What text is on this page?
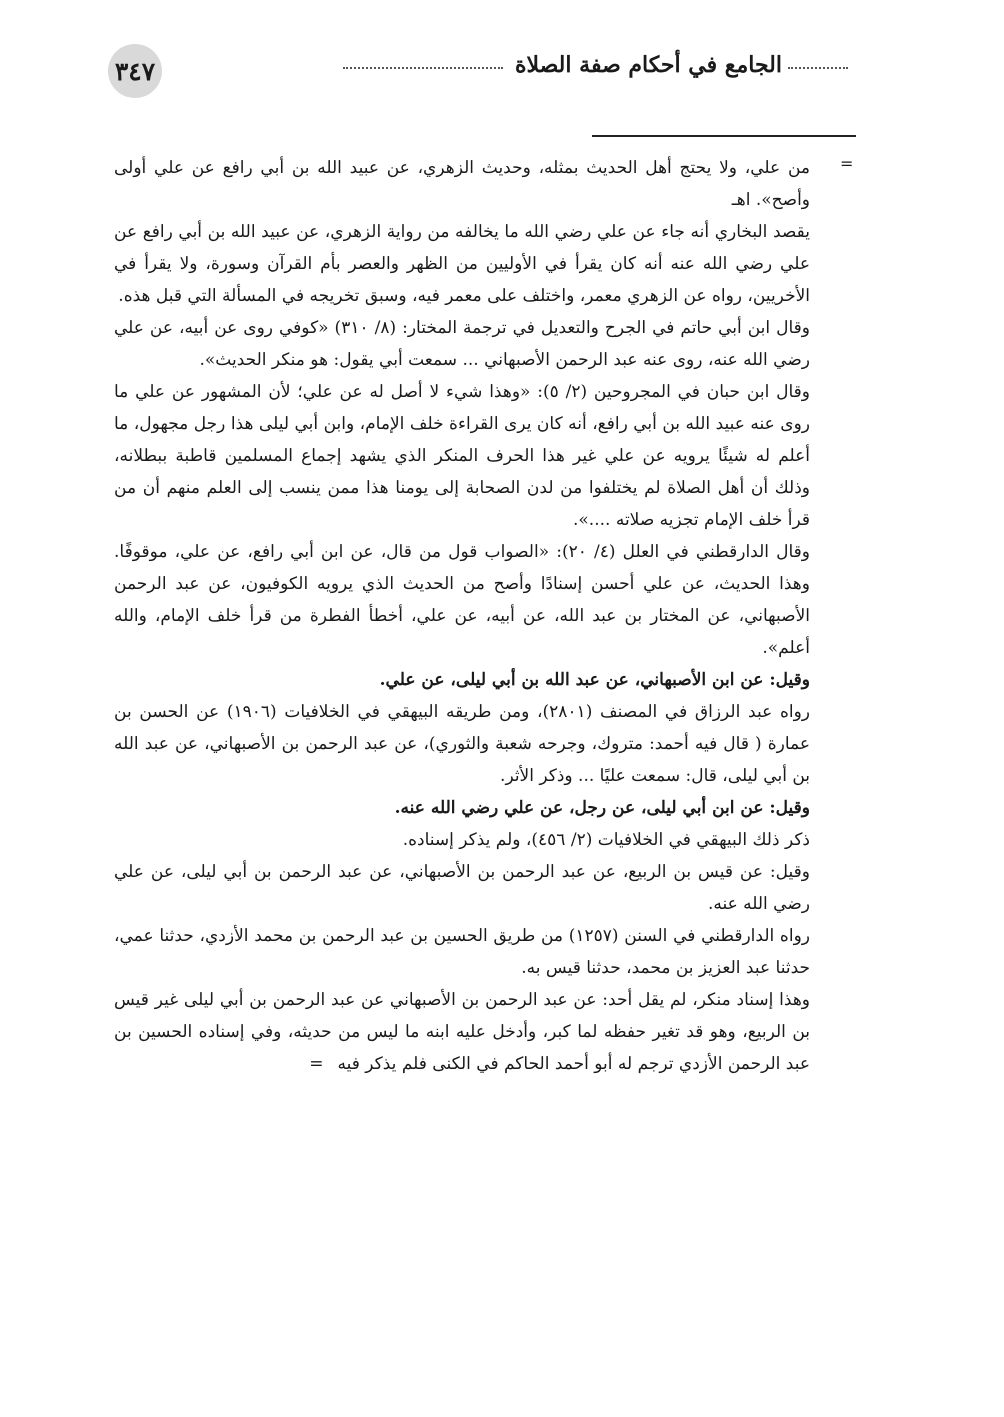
٣٤٧	الجامع في أحكام صفة الصلاة
=

من علي، ولا يحتج أهل الحديث بمثله، وحديث الزهري، عن عبيد الله بن أبي رافع عن علي أولى وأصح». اهـ

يقصد البخاري أنه جاء عن علي رضي الله ما يخالفه من رواية الزهري، عن عبيد الله بن أبي رافع عن علي رضي الله عنه أنه كان يقرأ في الأوليين من الظهر والعصر بأم القرآن وسورة، ولا يقرأ في الأخريين، رواه عن الزهري معمر، واختلف على معمر فيه، وسبق تخريجه في المسألة التي قبل هذه.

وقال ابن أبي حاتم في الجرح والتعديل في ترجمة المختار: (٨/ ٣١٠) «كوفي روى عن أبيه، عن علي رضي الله عنه، روى عنه عبد الرحمن الأصبهاني ... سمعت أبي يقول: هو منكر الحديث».

وقال ابن حبان في المجروحين (٢/ ٥): «وهذا شيء لا أصل له عن علي؛ لأن المشهور عن علي ما روى عنه عبيد الله بن أبي رافع، أنه كان يرى القراءة خلف الإمام، وابن أبي ليلى هذا رجل مجهول، ما أعلم له شيئًا يرويه عن علي غير هذا الحرف المنكر الذي يشهد إجماع المسلمين قاطبة ببطلانه، وذلك أن أهل الصلاة لم يختلفوا من لدن الصحابة إلى يومنا هذا ممن ينسب إلى العلم منهم أن من قرأ خلف الإمام تجزيه صلاته ....».

وقال الدارقطني في العلل (٤/ ٢٠): «الصواب قول من قال، عن ابن أبي رافع، عن علي، موقوفًا. وهذا الحديث، عن علي أحسن إسنادًا وأصح من الحديث الذي يرويه الكوفيون، عن عبد الرحمن الأصبهاني، عن المختار بن عبد الله، عن أبيه، عن علي، أخطأ الفطرة من قرأ خلف الإمام، والله أعلم».

وقيل: عن ابن الأصبهاني، عن عبد الله بن أبي ليلى، عن علي.

رواه عبد الرزاق في المصنف (٢٨٠١)، ومن طريقه البيهقي في الخلافيات (١٩٠٦) عن الحسن بن عمارة ( قال فيه أحمد: متروك، وجرحه شعبة والثوري)، عن عبد الرحمن بن الأصبهاني، عن عبد الله بن أبي ليلى، قال: سمعت عليًا ... وذكر الأثر.

وقيل: عن ابن أبي ليلى، عن رجل، عن علي رضي الله عنه.

ذكر ذلك البيهقي في الخلافيات (٢/ ٤٥٦)، ولم يذكر إسناده.

وقيل: عن قيس بن الربيع، عن عبد الرحمن بن الأصبهاني، عن عبد الرحمن بن أبي ليلى، عن علي رضي الله عنه.

رواه الدارقطني في السنن (١٢٥٧) من طريق الحسين بن عبد الرحمن بن محمد الأزدي، حدثنا عمي، حدثنا عبد العزيز بن محمد، حدثنا قيس به.

وهذا إسناد منكر، لم يقل أحد: عن عبد الرحمن بن الأصبهاني عن عبد الرحمن بن أبي ليلى غير قيس بن الربيع، وهو قد تغير حفظه لما كبر، وأدخل عليه ابنه ما ليس من حديثه، وفي إسناده الحسين بن عبد الرحمن الأزدي ترجم له أبو أحمد الحاكم في الكنى فلم يذكر فيه=
